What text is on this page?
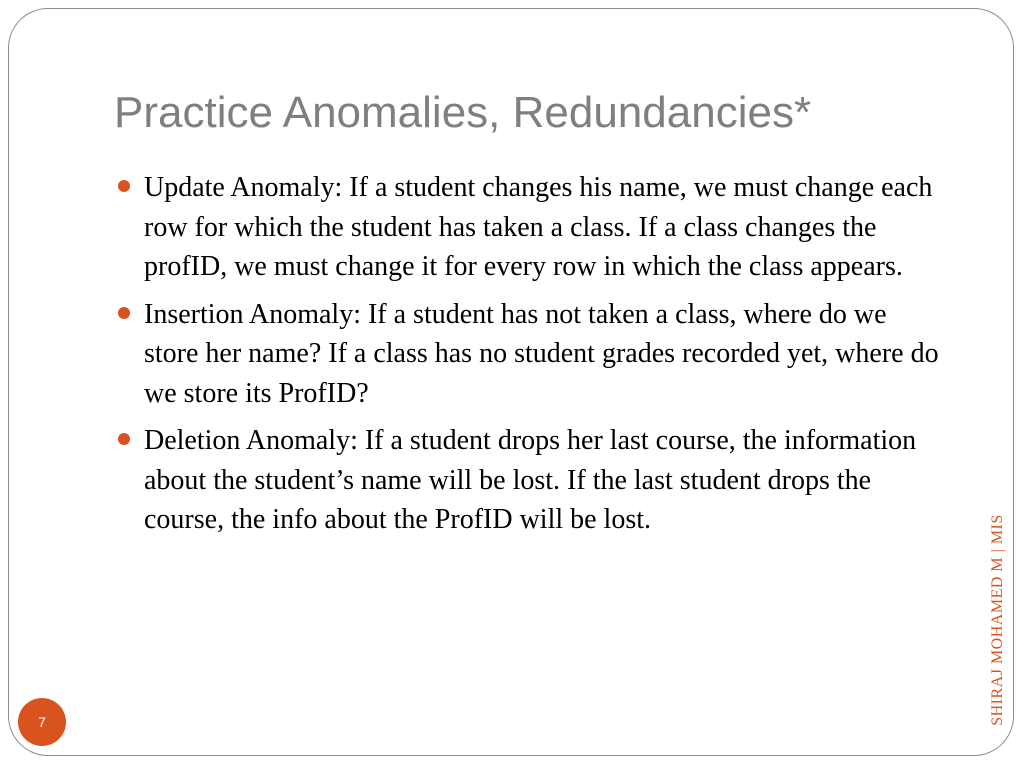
Practice Anomalies, Redundancies*
Update Anomaly: If a student changes his name, we must change each row for which the student has taken a class. If a class changes the profID, we must change it for every row in which the class appears.
Insertion Anomaly: If a student has not taken a class, where do we store her name? If a class has no student grades recorded yet, where do we store its ProfID?
Deletion Anomaly: If a student drops her last course, the information about the student’s name will be lost. If the last student drops the course, the info about the ProfID will be lost.	SHIRAJ MOHAMED M | MIS
7
